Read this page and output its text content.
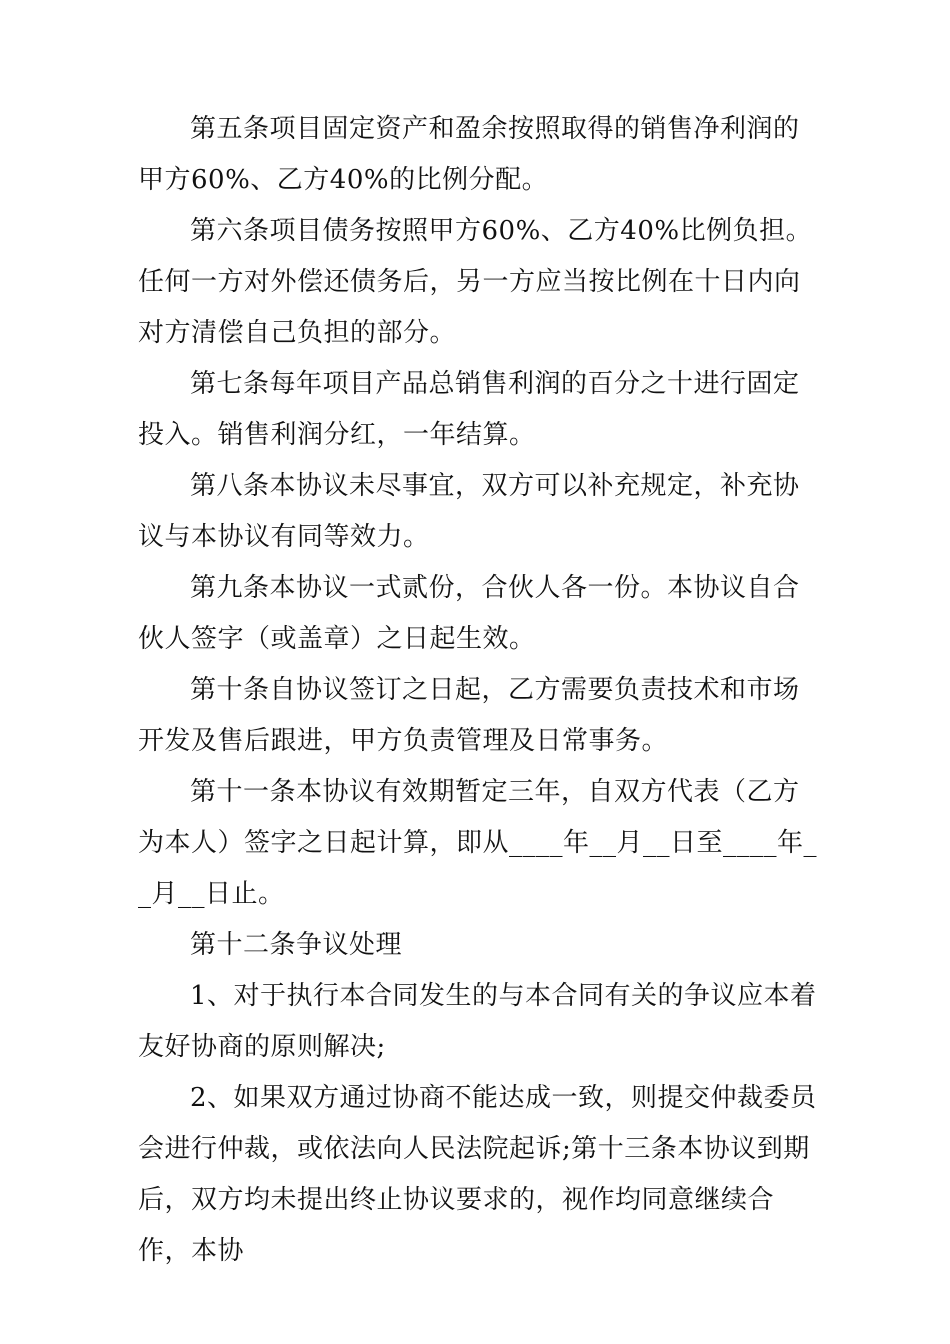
第五条项目固定资产和盈余按照取得的销售净利润的甲方60%、乙方40%的比例分配。

第六条项目债务按照甲方60%、乙方40%比例负担。任何一方对外偿还债务后，另一方应当按比例在十日内向对方清偿自己负担的部分。

第七条每年项目产品总销售利润的百分之十进行固定投入。销售利润分红，一年结算。

第八条本协议未尽事宜，双方可以补充规定，补充协议与本协议有同等效力。

第九条本协议一式贰份，合伙人各一份。本协议自合伙人签字（或盖章）之日起生效。

第十条自协议签订之日起，乙方需要负责技术和市场开发及售后跟进，甲方负责管理及日常事务。

第十一条本协议有效期暂定三年，自双方代表（乙方为本人）签字之日起计算，即从____年__月__日至____年__月__日止。

第十二条争议处理

1、对于执行本合同发生的与本合同有关的争议应本着友好协商的原则解决;

2、如果双方通过协商不能达成一致，则提交仲裁委员会进行仲裁，或依法向人民法院起诉;第十三条本协议到期后，双方均未提出终止协议要求的，视作均同意继续合作，本协
